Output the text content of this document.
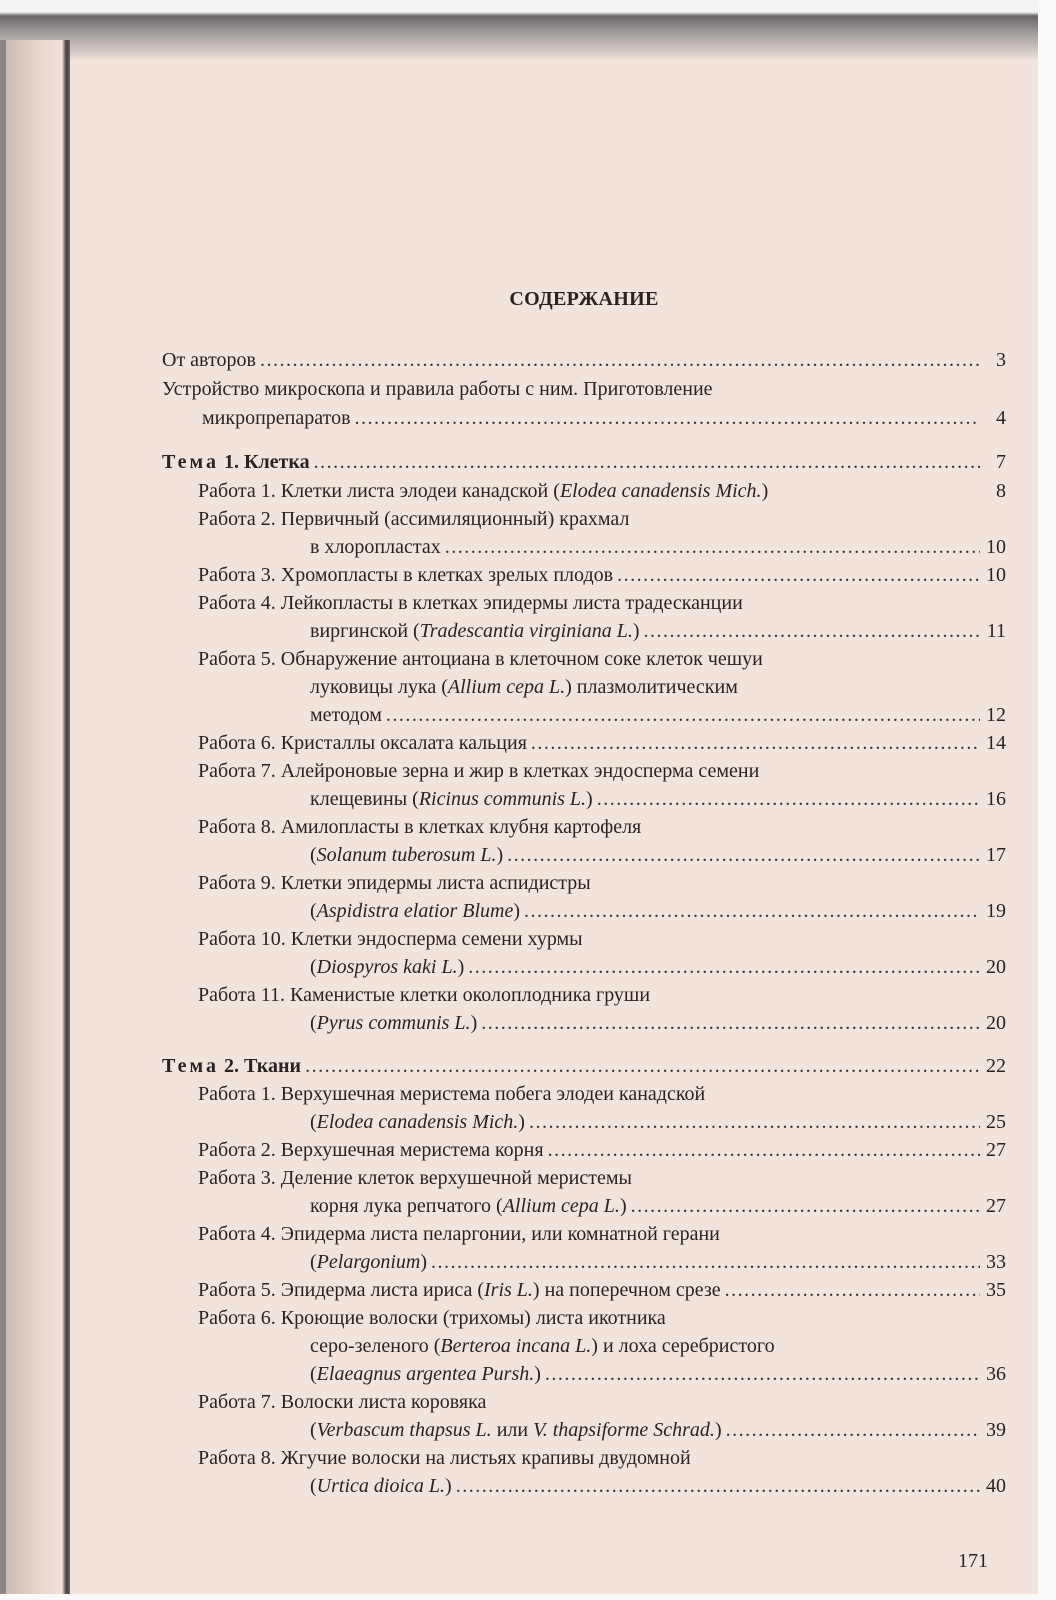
СОДЕРЖАНИЕ
От авторов .....	3
Устройство микроскопа и правила работы с ним. Приготовление
микропрепаратов .....	4
Тема 1. Клетка .....	7
Работа 1. Клетки листа элодеи канадской (Elodea canadensis Mich.)	8
Работа 2. Первичный (ассимиляционный) крахмал
в хлоропластах .....	10
Работа 3. Хромопласты в клетках зрелых плодов .....	10
Работа 4. Лейкопласты в клетках эпидермы листа традесканции
виргинской (Tradescantia virginiana L.) .....	11
Работа 5. Обнаружение антоциана в клеточном соке клеток чешуи
луковицы лука (Allium cepa L.) плазмолитическим
методом .....	12
Работа 6. Кристаллы оксалата кальция .....	14
Работа 7. Алейроновые зерна и жир в клетках эндосперма семени
клещевины (Ricinus communis L.) .....	16
Работа 8. Амилопласты в клетках клубня картофеля
(Solanum tuberosum L.) .....	17
Работа 9. Клетки эпидермы листа аспидистры
(Aspidistra elatior Blume) .....	19
Работа 10. Клетки эндосперма семени хурмы
(Diospyros kaki L.) .....	20
Работа 11. Каменистые клетки околоплодника груши
(Pyrus communis L.) .....	20
Тема 2. Ткани .....	22
Работа 1. Верхушечная меристема побега элодеи канадской
(Elodea canadensis Mich.) .....	25
Работа 2. Верхушечная меристема корня .....	27
Работа 3. Деление клеток верхушечной меристемы
корня лука репчатого (Allium cepa L.) .....	27
Работа 4. Эпидерма листа пеларгонии, или комнатной герани
(Pelargonium) .....	33
Работа 5. Эпидерма листа ириса (Iris L.) на поперечном срезе .....	35
Работа 6. Кроющие волоски (трихомы) листа икотника
серо-зеленого (Berteroa incana L.) и лоха серебристого
(Elaeagnus argentea Pursh.) .....	36
Работа 7. Волоски листа коровяка
(Verbascum thapsus L. или V. thapsiforme Schrad.) .....	39
Работа 8. Жгучие волоски на листьях крапивы двудомной
(Urtica dioica L.) .....	40
171
